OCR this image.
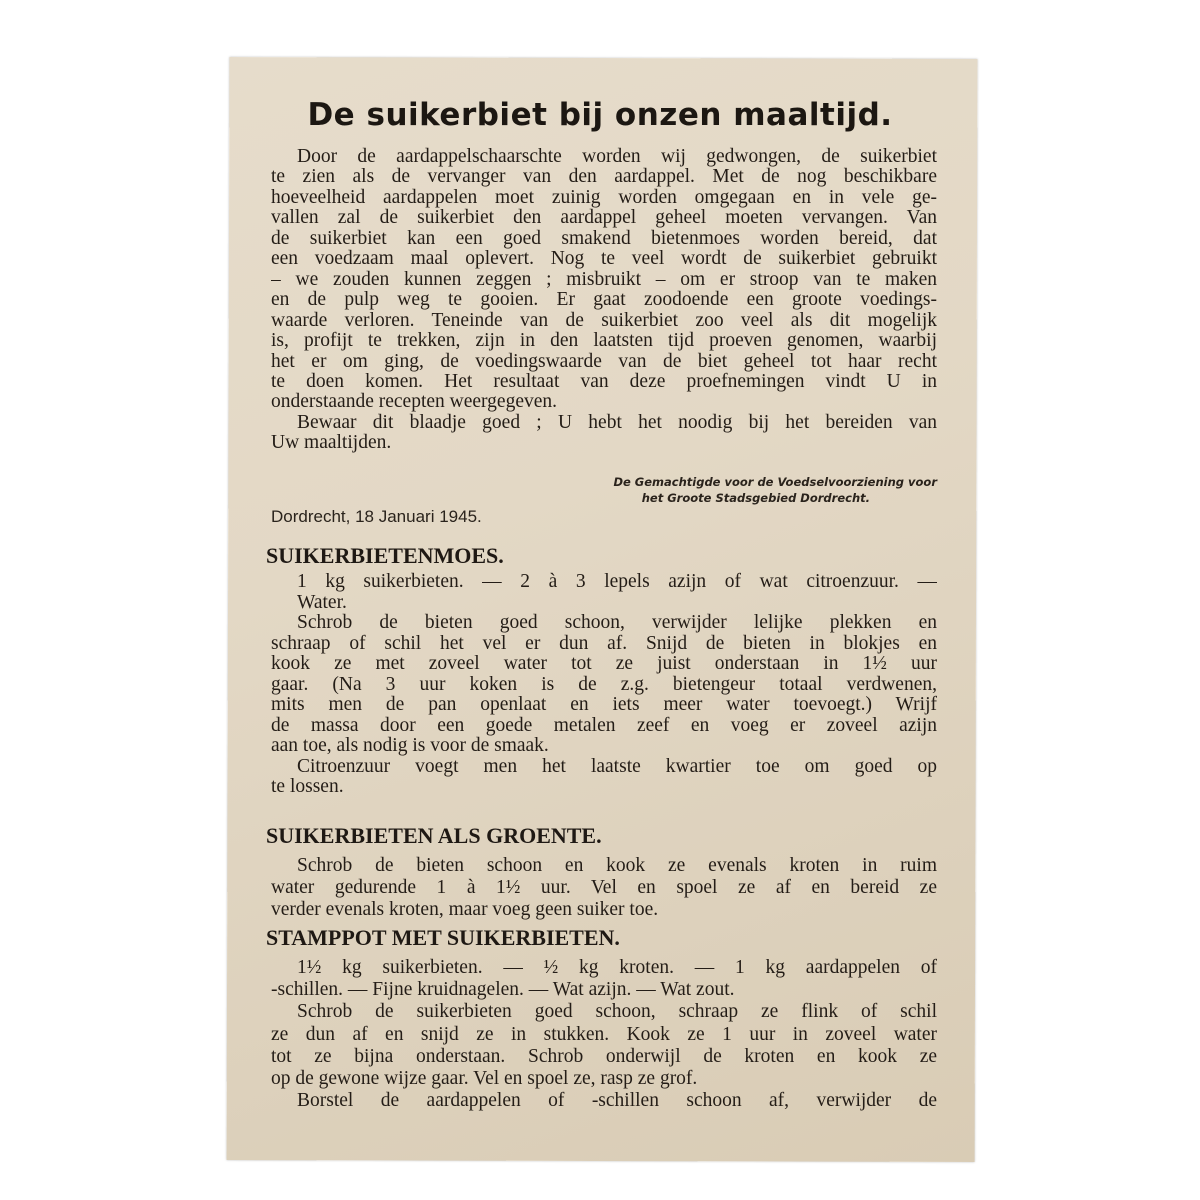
De suikerbiet bij onzen maaltijd.
Door de aardappelschaarschte worden wij gedwongen, de suikerbiet
te zien als de vervanger van den aardappel. Met de nog beschikbare
hoeveelheid aardappelen moet zuinig worden omgegaan en in vele ge-
vallen zal de suikerbiet den aardappel geheel moeten vervangen. Van
de suikerbiet kan een goed smakend bietenmoes worden bereid, dat
een voedzaam maal oplevert. Nog te veel wordt de suikerbiet gebruikt
– we zouden kunnen zeggen ; misbruikt – om er stroop van te maken
en de pulp weg te gooien. Er gaat zoodoende een groote voedings-
waarde verloren. Teneinde van de suikerbiet zoo veel als dit mogelijk
is, profijt te trekken, zijn in den laatsten tijd proeven genomen, waarbij
het er om ging, de voedingswaarde van de biet geheel tot haar recht
te doen komen. Het resultaat van deze proefnemingen vindt U in
onderstaande recepten weergegeven.
Bewaar dit blaadje goed ; U hebt het noodig bij het bereiden van
Uw maaltijden.
De Gemachtigde voor de Voedselvoorziening voor
het Groote Stadsgebied Dordrecht.
Dordrecht, 18 Januari 1945.
SUIKERBIETENMOES.
1 kg suikerbieten. — 2 à 3 lepels azijn of wat citroenzuur. —
Water.
Schrob de bieten goed schoon, verwijder lelijke plekken en
schraap of schil het vel er dun af. Snijd de bieten in blokjes en
kook ze met zoveel water tot ze juist onderstaan in 1½ uur
gaar. (Na 3 uur koken is de z.g. bietengeur totaal verdwenen,
mits men de pan openlaat en iets meer water toevoegt.) Wrijf
de massa door een goede metalen zeef en voeg er zoveel azijn
aan toe, als nodig is voor de smaak.
Citroenzuur voegt men het laatste kwartier toe om goed op
te lossen.
SUIKERBIETEN ALS GROENTE.
Schrob de bieten schoon en kook ze evenals kroten in ruim
water gedurende 1 à 1½ uur. Vel en spoel ze af en bereid ze
verder evenals kroten, maar voeg geen suiker toe.
STAMPPOT MET SUIKERBIETEN.
1½ kg suikerbieten. — ½ kg kroten. — 1 kg aardappelen of
-schillen. — Fijne kruidnagelen. — Wat azijn. — Wat zout.
Schrob de suikerbieten goed schoon, schraap ze flink of schil
ze dun af en snijd ze in stukken. Kook ze 1 uur in zoveel water
tot ze bijna onderstaan. Schrob onderwijl de kroten en kook ze
op de gewone wijze gaar. Vel en spoel ze, rasp ze grof.
Borstel de aardappelen of -schillen schoon af, verwijder de
